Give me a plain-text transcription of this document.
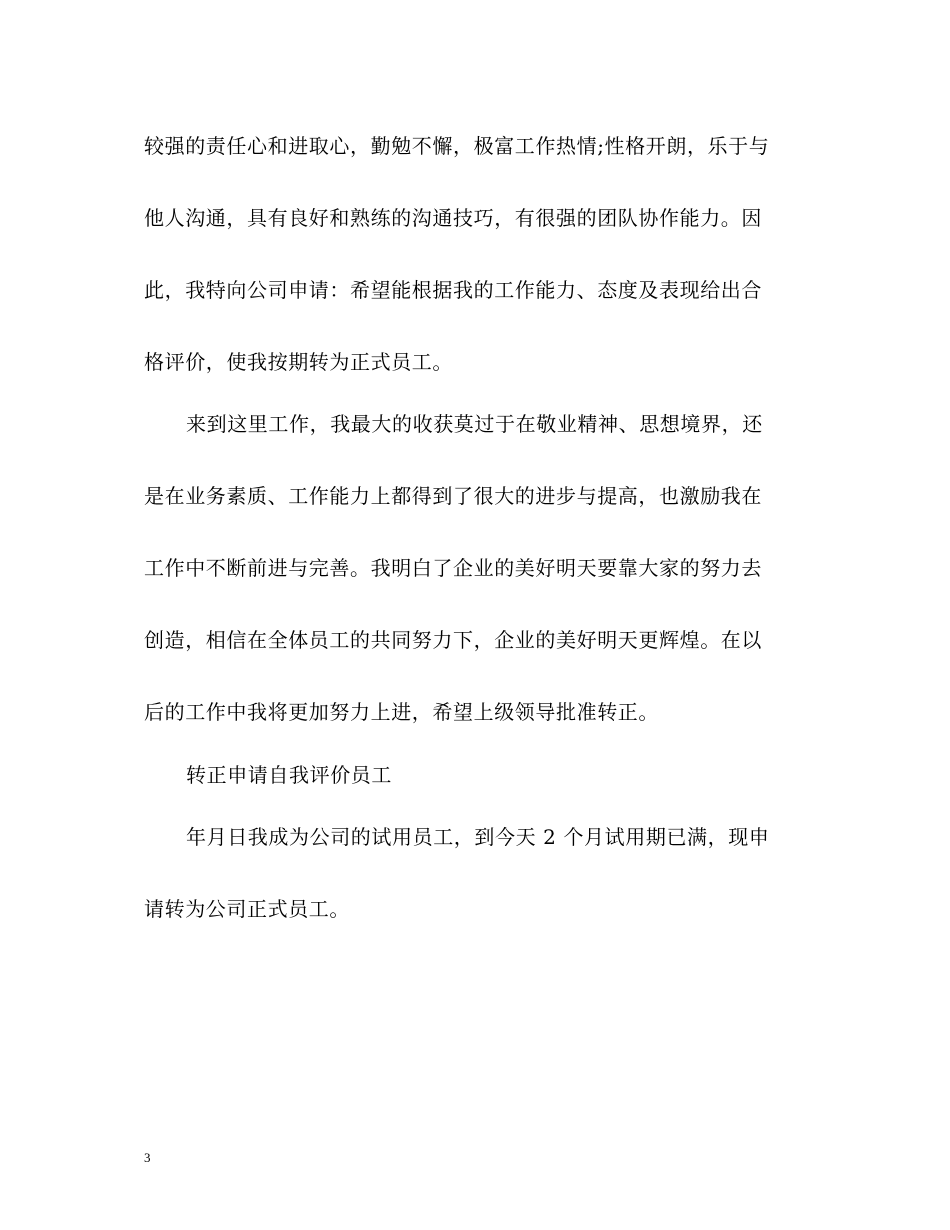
较强的责任心和进取心，勤勉不懈，极富工作热情;性格开朗，乐于与
他人沟通，具有良好和熟练的沟通技巧，有很强的团队协作能力。因
此，我特向公司申请：希望能根据我的工作能力、态度及表现给出合
格评价，使我按期转为正式员工。
来到这里工作，我最大的收获莫过于在敬业精神、思想境界，还
是在业务素质、工作能力上都得到了很大的进步与提高，也激励我在
工作中不断前进与完善。我明白了企业的美好明天要靠大家的努力去
创造，相信在全体员工的共同努力下，企业的美好明天更辉煌。在以
后的工作中我将更加努力上进，希望上级领导批准转正。
转正申请自我评价员工
年月日我成为公司的试用员工，到今天 2 个月试用期已满，现申
请转为公司正式员工。
3
